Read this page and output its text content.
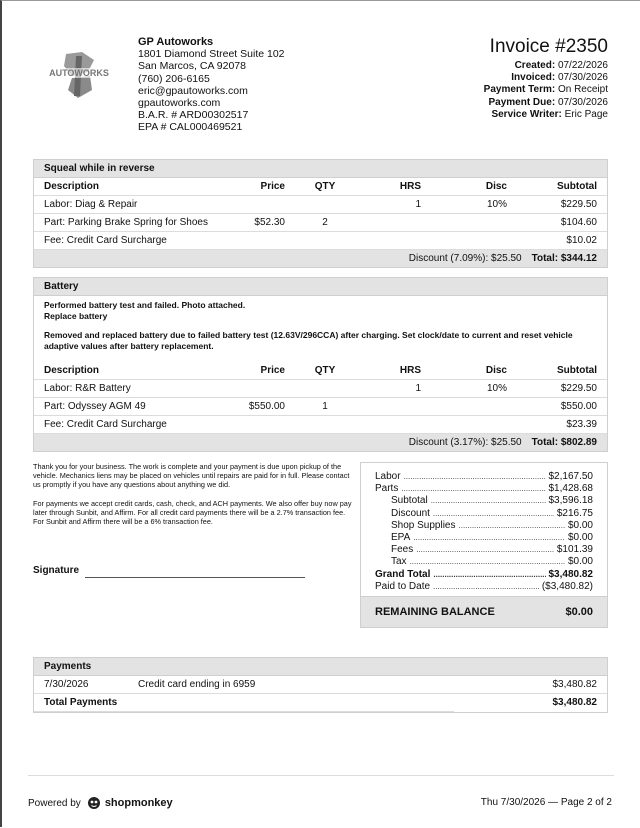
AUTOWORKS
GP Autoworks
1801 Diamond Street Suite 102
San Marcos, CA 92078
(760) 206-6165
eric@gpautoworks.com
gpautoworks.com
B.A.R. # ARD00302517
EPA # CAL000469521
Invoice #2350
Created: 07/22/2026
Invoiced: 07/30/2026
Payment Term: On Receipt
Payment Due: 07/30/2026
Service Writer: Eric Page
Squeal while in reverse
Description	Price	QTY	HRS	Disc	Subtotal
Labor: Diag & Repair			1	10%	$229.50
Part: Parking Brake Spring for Shoes	$52.30	2			$104.60
Fee: Credit Card Surcharge					$10.02
Discount (7.09%): $25.50 Total: $344.12					
Battery

Performed battery test and failed. Photo attached.
Replace battery

Removed and replaced battery due to failed battery test (12.63V/296CCA) after charging. Set clock/date to current and reset vehicle adaptive values after battery replacement.

Description	Price	QTY	HRS	Disc	Subtotal
Labor: R&R Battery			1	10%	$229.50
Part: Odyssey AGM 49	$550.00	1			$550.00
Fee: Credit Card Surcharge					$23.39
Discount (3.17%): $25.50 Total: $802.89					

Thank you for your business. The work is complete and your payment is due upon pickup of the vehicle. Mechanics liens may be placed on vehicles until repairs are paid for in full. Please contact us promptly if you have any questions about anything we did.

For payments we accept credit cards, cash, check, and ACH payments. We also offer buy now pay later through Sunbit, and Affirm. For all credit card payments there will be a 2.7% transaction fee. For Sunbit and Affirm there will be a 6% transaction fee.

Signature
Labor .....	$2,167.50
Parts .....	$1,428.68
Subtotal .....	$3,596.18
Discount .....	$216.75
Shop Supplies .....	$0.00
EPA .....	$0.00
Fees .....	$101.39
Tax .....	$0.00
Grand Total .....	$3,480.82
Paid to Date .....	($3,480.82)
REMAINING BALANCE	$0.00
Payments
7/30/2026	Credit card ending in 6959	$3,480.82
Total Payments		$3,480.82
Powered by shopmonkey	Thu 7/30/2026 — Page 2 of 2
